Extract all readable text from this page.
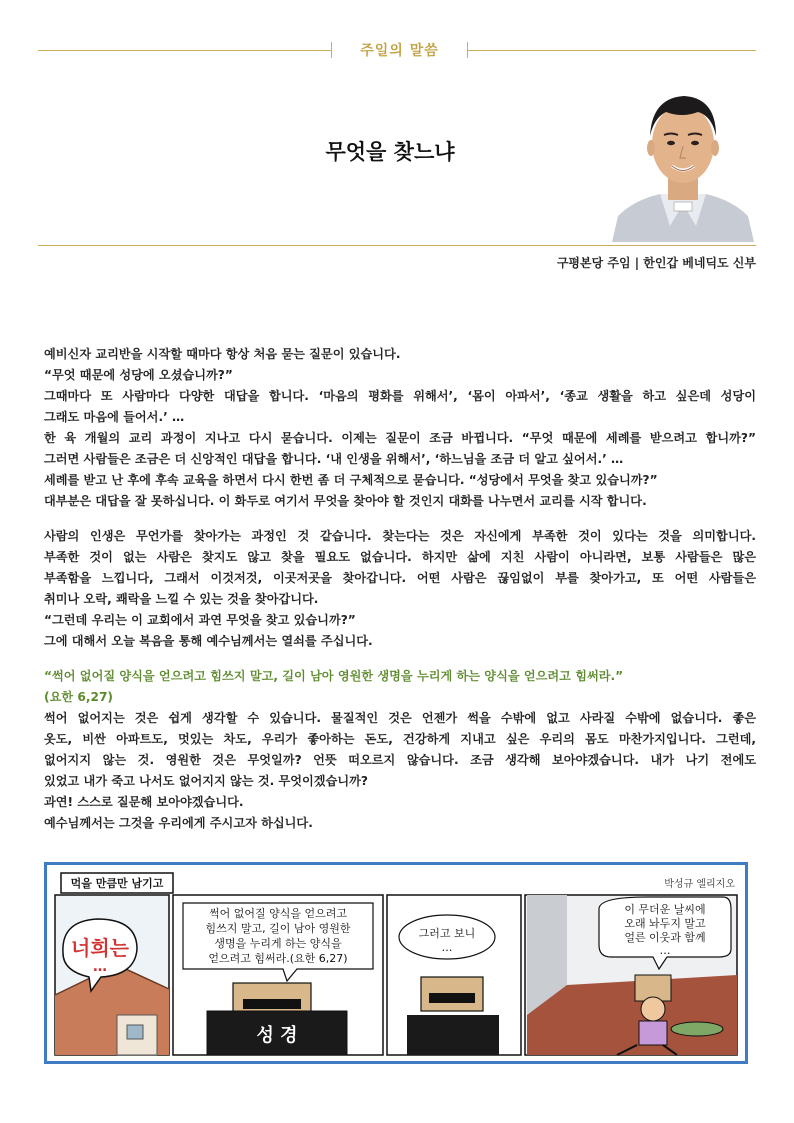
주일의 말씀
무엇을 찾느냐
구평본당 주임 | 한인갑 베네딕도 신부

예비신자 교리반을 시작할 때마다 항상 처음 묻는 질문이 있습니다.
“무엇 때문에 성당에 오셨습니까?”
그때마다 또 사람마다 다양한 대답을 합니다. ‘마음의 평화를 위해서’, ‘몸이 아파서’, ‘종교 생활을 하고 싶은데 성당이
그래도 마음에 들어서.’ …
한 육 개월의 교리 과정이 지나고 다시 묻습니다. 이제는 질문이 조금 바뀝니다. “무엇 때문에 세례를 받으려고 합니까?”
그러면 사람들은 조금은 더 신앙적인 대답을 합니다. ‘내 인생을 위해서’, ‘하느님을 조금 더 알고 싶어서.’ …
세례를 받고 난 후에 후속 교육을 하면서 다시 한번 좀 더 구체적으로 묻습니다. “성당에서 무엇을 찾고 있습니까?”
대부분은 대답을 잘 못하십니다. 이 화두로 여기서 무엇을 찾아야 할 것인지 대화를 나누면서 교리를 시작 합니다.

사람의 인생은 무언가를 찾아가는 과정인 것 같습니다. 찾는다는 것은 자신에게 부족한 것이 있다는 것을 의미합니다.
부족한 것이 없는 사람은 찾지도 않고 찾을 필요도 없습니다. 하지만 삶에 지친 사람이 아니라면, 보통 사람들은 많은
부족함을 느낍니다, 그래서 이것저것, 이곳저곳을 찾아갑니다. 어떤 사람은 끊임없이 부를 찾아가고, 또 어떤 사람들은
취미나 오락, 쾌락을 느낄 수 있는 것을 찾아갑니다.
“그런데 우리는 이 교회에서 과연 무엇을 찾고 있습니까?”
그에 대해서 오늘 복음을 통해 예수님께서는 열쇠를 주십니다.

“썩어 없어질 양식을 얻으려고 힘쓰지 말고, 길이 남아 영원한 생명을 누리게 하는 양식을 얻으려고 힘써라.”
(요한 6,27)
썩어 없어지는 것은 쉽게 생각할 수 있습니다. 물질적인 것은 언젠가 썩을 수밖에 없고 사라질 수밖에 없습니다. 좋은
옷도, 비싼 아파트도, 멋있는 차도, 우리가 좋아하는 돈도, 건강하게 지내고 싶은 우리의 몸도 마찬가지입니다. 그런데,
없어지지 않는 것. 영원한 것은 무엇일까? 언뜻 떠오르지 않습니다. 조금 생각해 보아야겠습니다. 내가 나기 전에도
있었고 내가 죽고 나서도 없어지지 않는 것. 무엇이겠습니까?
과연! 스스로 질문해 보아야겠습니다.
예수님께서는 그것을 우리에게 주시고자 하십니다.

먹을 만큼만 남기고	박성규 엘리지오
너희는
…
썩어 없어질 양식을 얻으려고
힘쓰지 말고, 길이 남아 영원한
생명을 누리게 하는 양식을
얻으려고 힘써라.(요한 6,27)
성 경
그러고 보니
…
이 무더운 날씨에
오래 놔두지 말고
얼른 이웃과 함께
…
